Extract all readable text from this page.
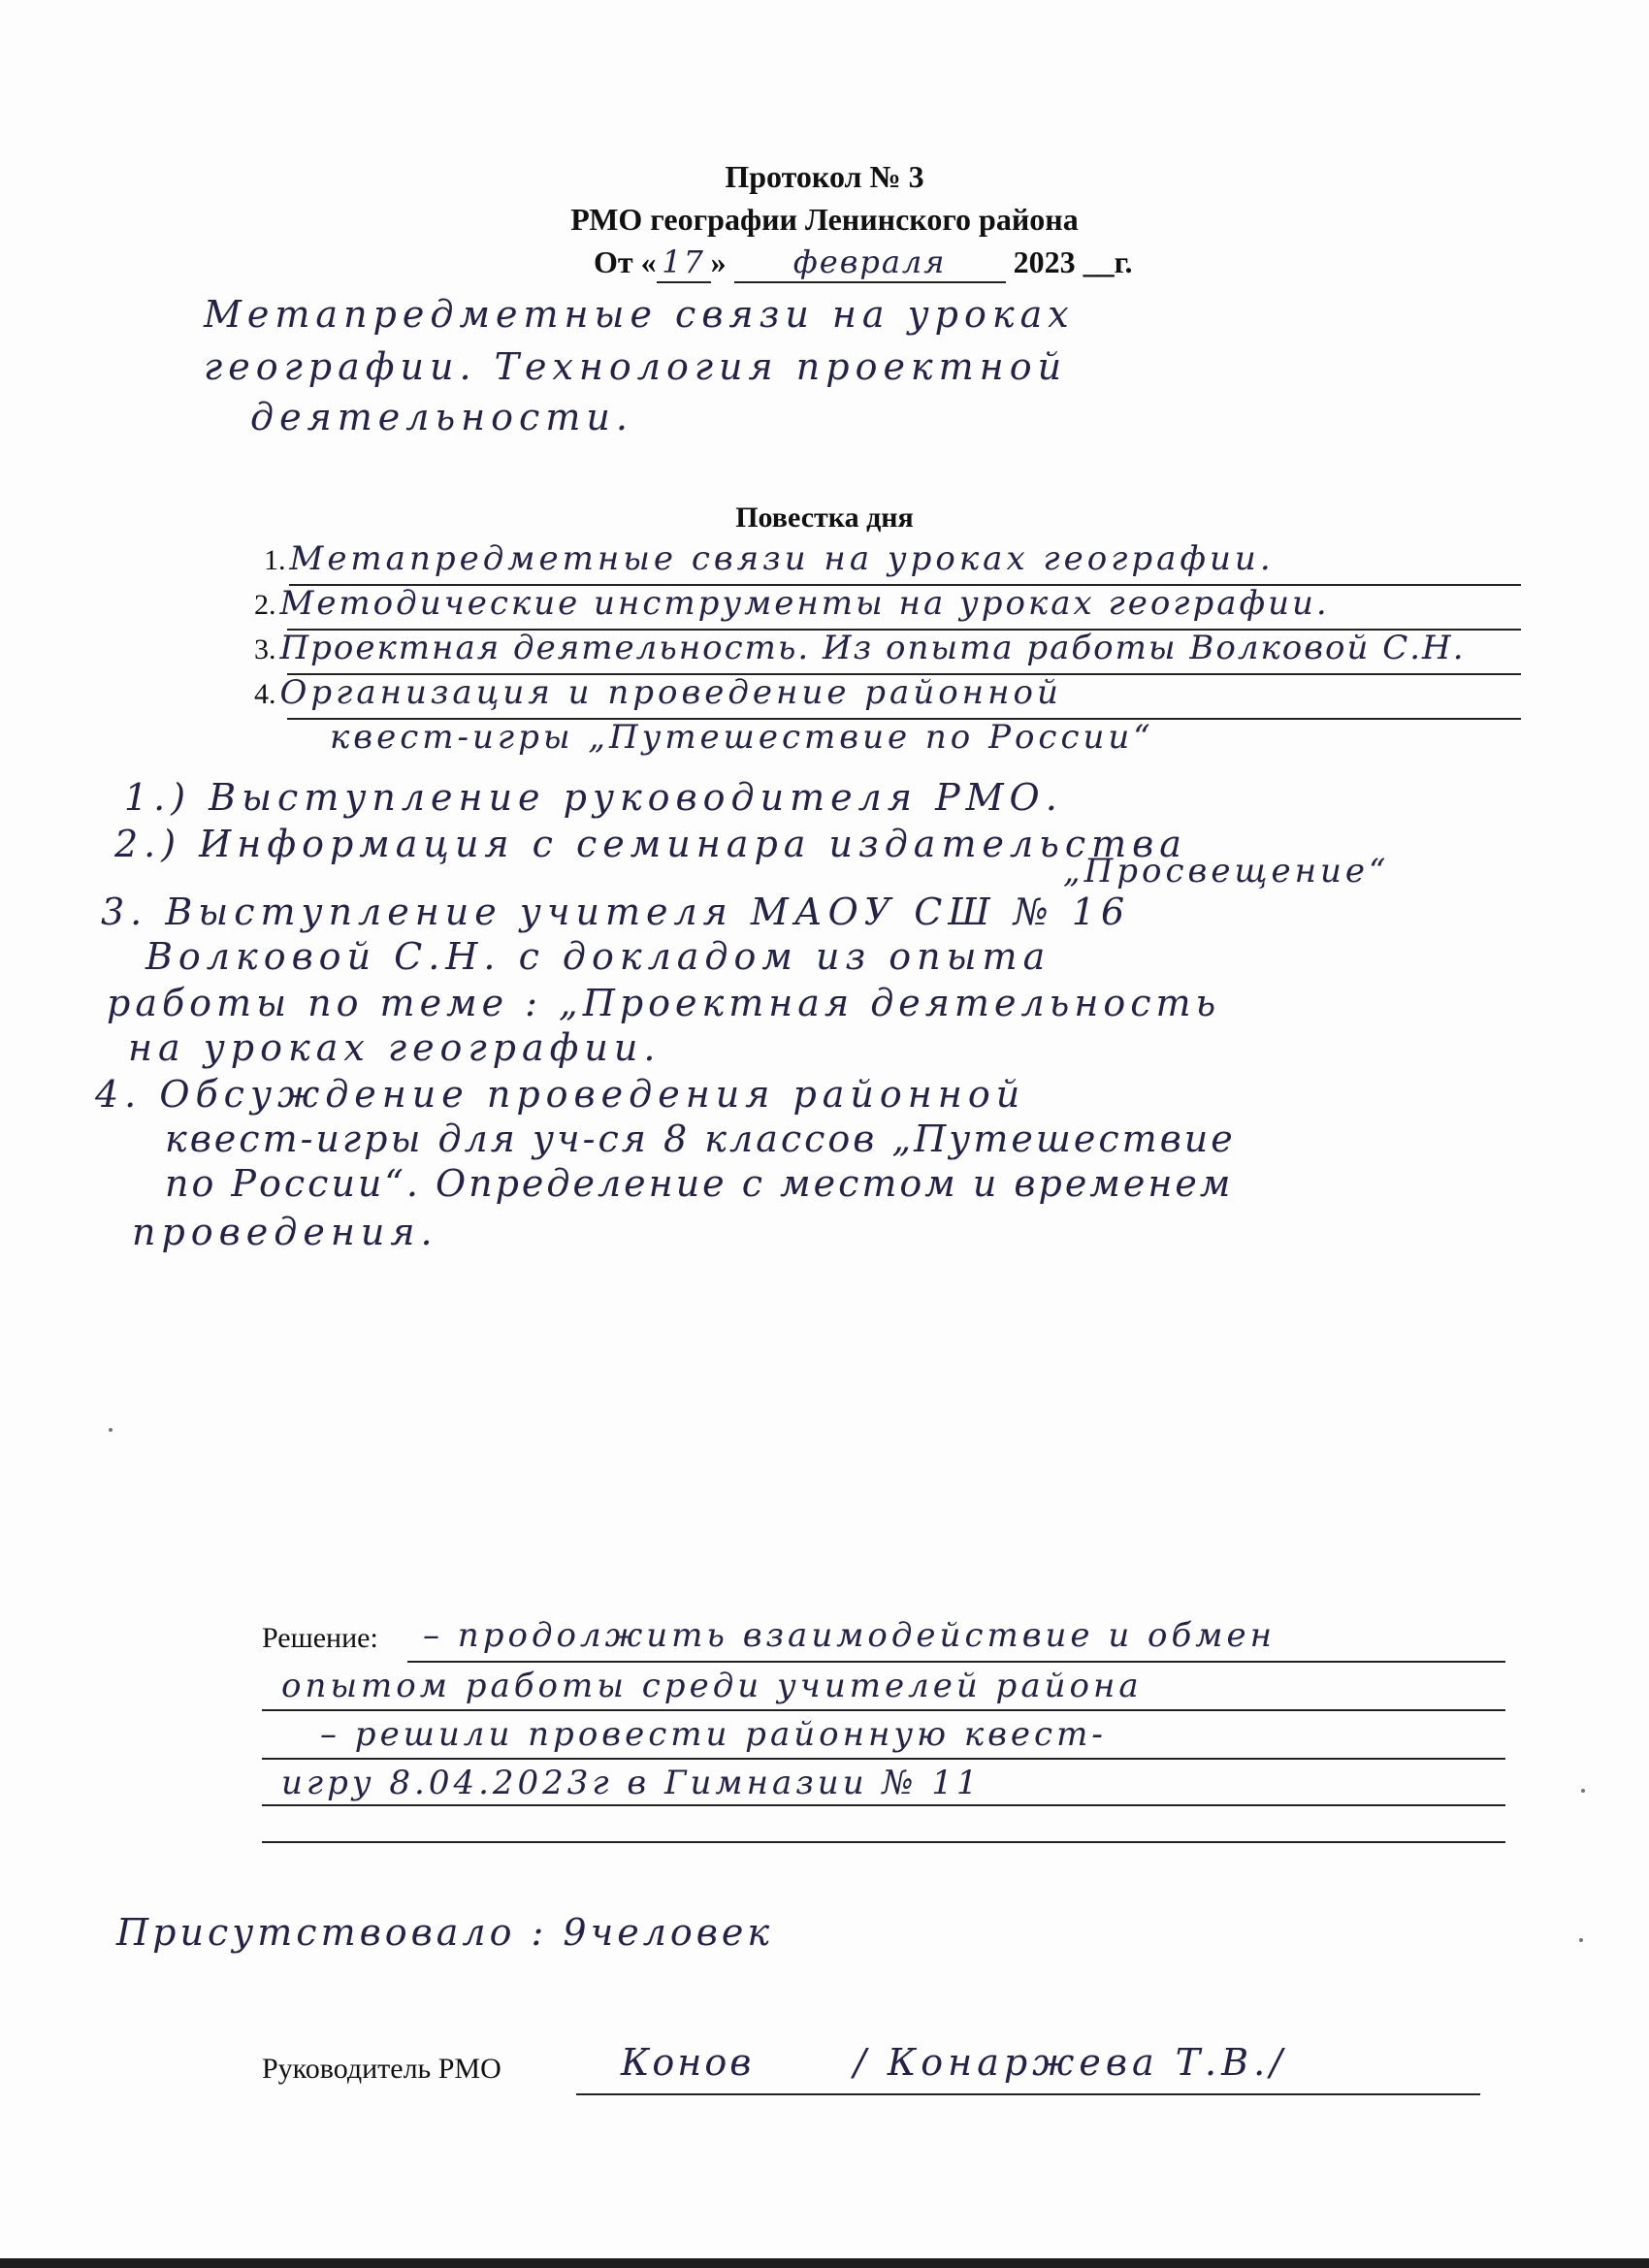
Протокол № 3
РМО географии Ленинского района
От « 17 » февраля 2023 __г.
Метапредметные связи на уроках
географии. Технология проектной
деятельности.
Повестка дня
1. Метапредметные связи на уроках географии.
2. Методические инструменты на уроках географии.
3. Проектная деятельность. Из опыта работы Волковой С.Н.
4. Организация и проведение районной
квест-игры „Путешествие по России“
1.) Выступление руководителя РМО.
2.) Информация с семинара издательства
„Просвещение“
3. Выступление учителя МАОУ СШ № 16
Волковой С.Н. с докладом из опыта
работы по теме : „Проектная деятельность
на уроках географии.
4. Обсуждение проведения районной
квест-игры для уч-ся 8 классов „Путешествие
по России“. Определение с местом и временем
проведения.
Решение: – продолжить взаимодействие и обмен
опытом работы среди учителей района
– решили провести районную квест-
игру 8.04.2023г в Гимназии № 11
Присутствовало : 9человек
Руководитель РМО	Конов	/ Конаржева Т.В./
